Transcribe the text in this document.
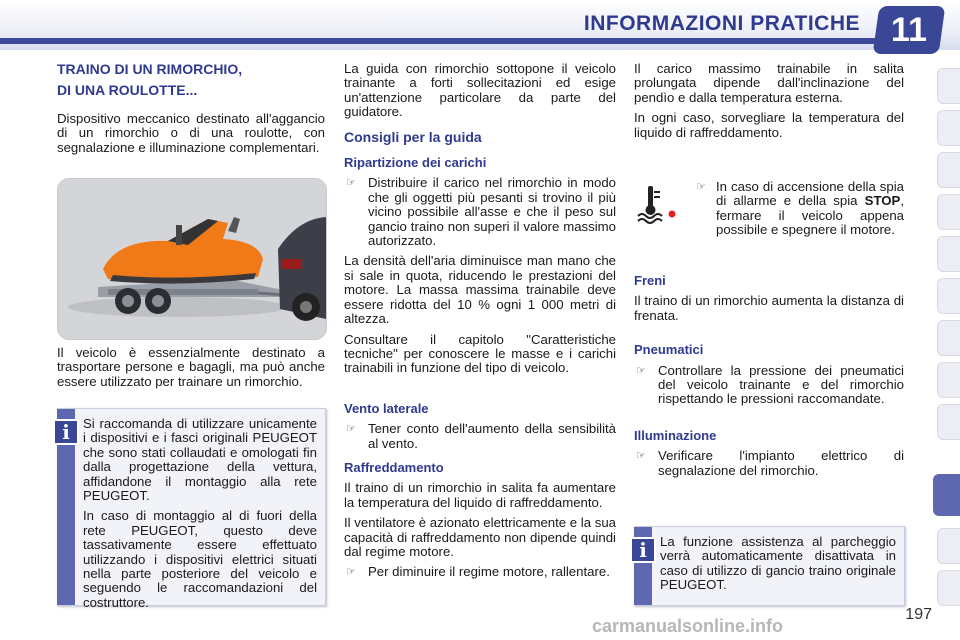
INFORMAZIONI PRATICHE 11

TRAINO DI UN RIMORCHIO,

DI UNA ROULOTTE...

Dispositivo meccanico destinato all'aggancio di un rimorchio o di una roulotte, con segnalazione e illuminazione complementari.

Il veicolo è essenzialmente destinato a trasportare persone e bagagli, ma può anche essere utilizzato per trainare un rimorchio.

i	Si raccomanda di utilizzare unicamente i dispositivi e i fasci originali PEUGEOT che sono stati collaudati e omologati fin dalla progettazione della vettura, affidandone il montaggio alla rete PEUGEOT.

In caso di montaggio al di fuori della rete PEUGEOT, questo deve tassativamente essere effettuato utilizzando i dispositivi elettrici situati nella parte posteriore del veicolo e seguendo le raccomandazioni del costruttore.

La guida con rimorchio sottopone il veicolo trainante a forti sollecitazioni ed esige un'attenzione particolare da parte del guidatore.

Consigli per la guida

Ripartizione dei carichi

☞ Distribuire il carico nel rimorchio in modo che gli oggetti più pesanti si trovino il più vicino possibile all'asse e che il peso sul gancio traino non superi il valore massimo autorizzato.

La densità dell'aria diminuisce man mano che si sale in quota, riducendo le prestazioni del motore. La massa massima trainabile deve essere ridotta del 10 % ogni 1 000 metri di altezza.

Consultare il capitolo "Caratteristiche tecniche" per conoscere le masse e i carichi trainabili in funzione del tipo di veicolo.

Vento laterale

☞ Tener conto dell'aumento della sensibilità al vento.

Raffreddamento

Il traino di un rimorchio in salita fa aumentare la temperatura del liquido di raffreddamento.

Il ventilatore è azionato elettricamente e la sua capacità di raffreddamento non dipende quindi dal regime motore.

☞ Per diminuire il regime motore, rallentare.

Il carico massimo trainabile in salita prolungata dipende dall'inclinazione del pendìo e dalla temperatura esterna.

In ogni caso, sorvegliare la temperatura del liquido di raffreddamento.

☞ In caso di accensione della spia di allarme e della spia STOP, fermare il veicolo appena possibile e spegnere il motore.

Freni

Il traino di un rimorchio aumenta la distanza di frenata.

Pneumatici

☞ Controllare la pressione dei pneumatici del veicolo trainante e del rimorchio rispettando le pressioni raccomandate.

Illuminazione

☞ Verificare l'impianto elettrico di segnalazione del rimorchio.
i	La funzione assistenza al parcheggio verrà automaticamente disattivata in caso di utilizzo di gancio traino originale PEUGEOT.

197
carmanualsonline.info
